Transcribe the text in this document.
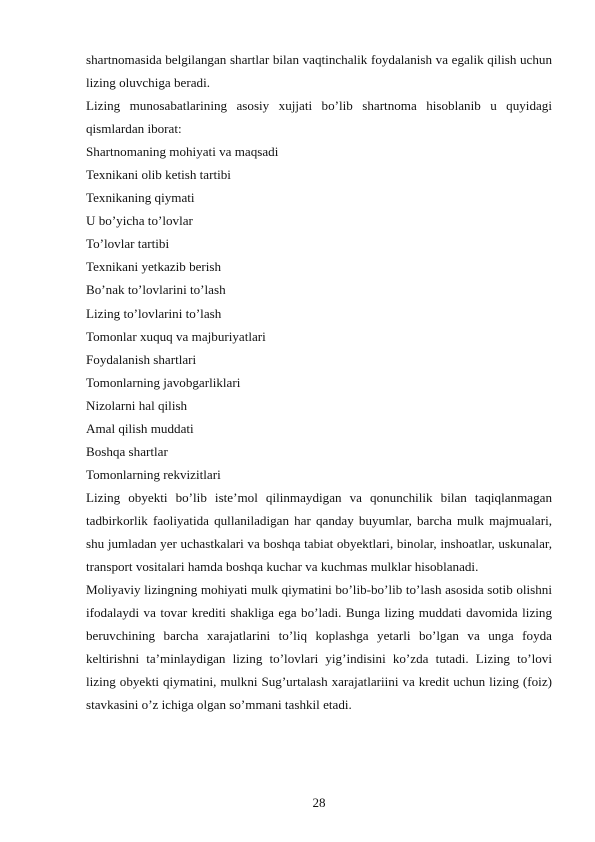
shartnomasida belgilangan shartlar bilan vaqtinchalik foydalanish va egalik qilish uchun lizing oluvchiga beradi.

Lizing munosabatlarining asosiy xujjati bo’lib shartnoma hisoblanib u quyidagi qismlardan iborat:

Shartnomaning mohiyati va maqsadi

Texnikani olib ketish tartibi

Texnikaning qiymati

U bo’yicha to’lovlar

To’lovlar tartibi

Texnikani yetkazib berish

Bo’nak to’lovlarini to’lash

Lizing to’lovlarini to’lash

Tomonlar xuquq va majburiyatlari

Foydalanish shartlari

Tomonlarning javobgarliklari

Nizolarni hal qilish

Amal qilish muddati

Boshqa shartlar

Tomonlarning rekvizitlari

Lizing obyekti bo’lib iste’mol qilinmaydigan va qonunchilik bilan taqiqlanmagan tadbirkorlik faoliyatida qullaniladigan har qanday buyumlar, barcha mulk majmualari, shu jumladan yer uchastkalari va boshqa tabiat obyektlari, binolar, inshoatlar, uskunalar, transport vositalari hamda boshqa kuchar va kuchmas mulklar hisoblanadi.

Moliyaviy lizingning mohiyati mulk qiymatini bo’lib-bo’lib to’lash asosida sotib olishni ifodalaydi va tovar krediti shakliga ega bo’ladi. Bunga lizing muddati davomida lizing beruvchining barcha xarajatlarini to’liq koplashga yetarli bo’lgan va unga foyda keltirishni ta’minlaydigan lizing to’lovlari yig’indisini ko’zda tutadi. Lizing to’lovi lizing obyekti qiymatini, mulkni Sug’urtalash xarajatlariini va kredit uchun lizing (foiz) stavkasini o’z ichiga olgan so’mmani tashkil etadi.

28
